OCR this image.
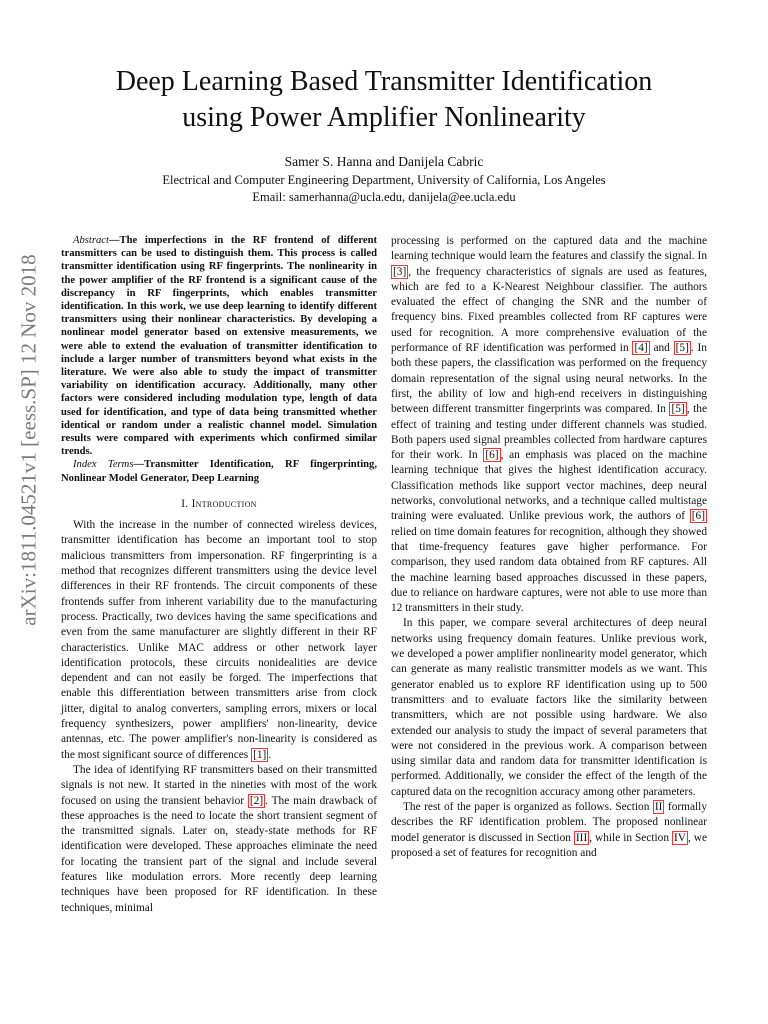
Deep Learning Based Transmitter Identification
using Power Amplifier Nonlinearity
Samer S. Hanna and Danijela Cabric
Electrical and Computer Engineering Department, University of California, Los Angeles
Email: samerhanna@ucla.edu, danijela@ee.ucla.edu
arXiv:1811.04521v1 [eess.SP] 12 Nov 2018

Abstract—The imperfections in the RF frontend of different transmitters can be used to distinguish them. This process is called transmitter identification using RF fingerprints. The nonlinearity in the power amplifier of the RF frontend is a significant cause of the discrepancy in RF fingerprints, which enables transmitter identification. In this work, we use deep learning to identify different transmitters using their nonlinear characteristics. By developing a nonlinear model generator based on extensive measurements, we were able to extend the evaluation of transmitter identification to include a larger number of transmitters beyond what exists in the literature. We were also able to study the impact of transmitter variability on identification accuracy. Additionally, many other factors were considered including modulation type, length of data used for identification, and type of data being transmitted whether identical or random under a realistic channel model. Simulation results were compared with experiments which confirmed similar trends.

Index Terms—Transmitter Identification, RF fingerprinting, Nonlinear Model Generator, Deep Learning

I. Introduction

With the increase in the number of connected wireless devices, transmitter identification has become an important tool to stop malicious transmitters from impersonation. RF fingerprinting is a method that recognizes different transmitters using the device level differences in their RF frontends. The circuit components of these frontends suffer from inherent variability due to the manufacturing process. Practically, two devices having the same specifications and even from the same manufacturer are slightly different in their RF characteristics. Unlike MAC address or other network layer identification protocols, these circuits nonidealities are device dependent and can not easily be forged. The imperfections that enable this differentiation between transmitters arise from clock jitter, digital to analog converters, sampling errors, mixers or local frequency synthesizers, power amplifiers' non-linearity, device antennas, etc. The power amplifier's non-linearity is considered as the most significant source of differences [1] .

The idea of identifying RF transmitters based on their transmitted signals is not new. It started in the nineties with most of the work focused on using the transient behavior [2] . The main drawback of these approaches is the need to locate the short transient segment of the transmitted signals. Later on, steady-state methods for RF identification were developed. These approaches eliminate the need for locating the transient part of the signal and include several features like modulation errors. More recently deep learning techniques have been proposed for RF identification. In these techniques, minimal

processing is performed on the captured data and the machine learning technique would learn the features and classify the signal. In [3] , the frequency characteristics of signals are used as features, which are fed to a K-Nearest Neighbour classifier. The authors evaluated the effect of changing the SNR and the number of frequency bins. Fixed preambles collected from RF captures were used for recognition. A more comprehensive evaluation of the performance of RF identification was performed in [4] and [5] . In both these papers, the classification was performed on the frequency domain representation of the signal using neural networks. In the first, the ability of low and high-end receivers in distinguishing between different transmitter fingerprints was compared. In [5] , the effect of training and testing under different channels was studied. Both papers used signal preambles collected from hardware captures for their work. In [6] , an emphasis was placed on the machine learning technique that gives the highest identification accuracy. Classification methods like support vector machines, deep neural networks, convolutional networks, and a technique called multistage training were evaluated. Unlike previous work, the authors of [6] relied on time domain features for recognition, although they showed that time-frequency features gave higher performance. For comparison, they used random data obtained from RF captures. All the machine learning based approaches discussed in these papers, due to reliance on hardware captures, were not able to use more than 12 transmitters in their study.

In this paper, we compare several architectures of deep neural networks using frequency domain features. Unlike previous work, we developed a power amplifier nonlinearity model generator, which can generate as many realistic transmitter models as we want. This generator enabled us to explore RF identification using up to 500 transmitters and to evaluate factors like the similarity between transmitters, which are not possible using hardware. We also extended our analysis to study the impact of several parameters that were not considered in the previous work. A comparison between using similar data and random data for transmitter identification is performed. Additionally, we consider the effect of the length of the captured data on the recognition accuracy among other parameters.

The rest of the paper is organized as follows. Section II formally describes the RF identification problem. The proposed nonlinear model generator is discussed in Section III , while in Section IV , we proposed a set of features for recognition and
